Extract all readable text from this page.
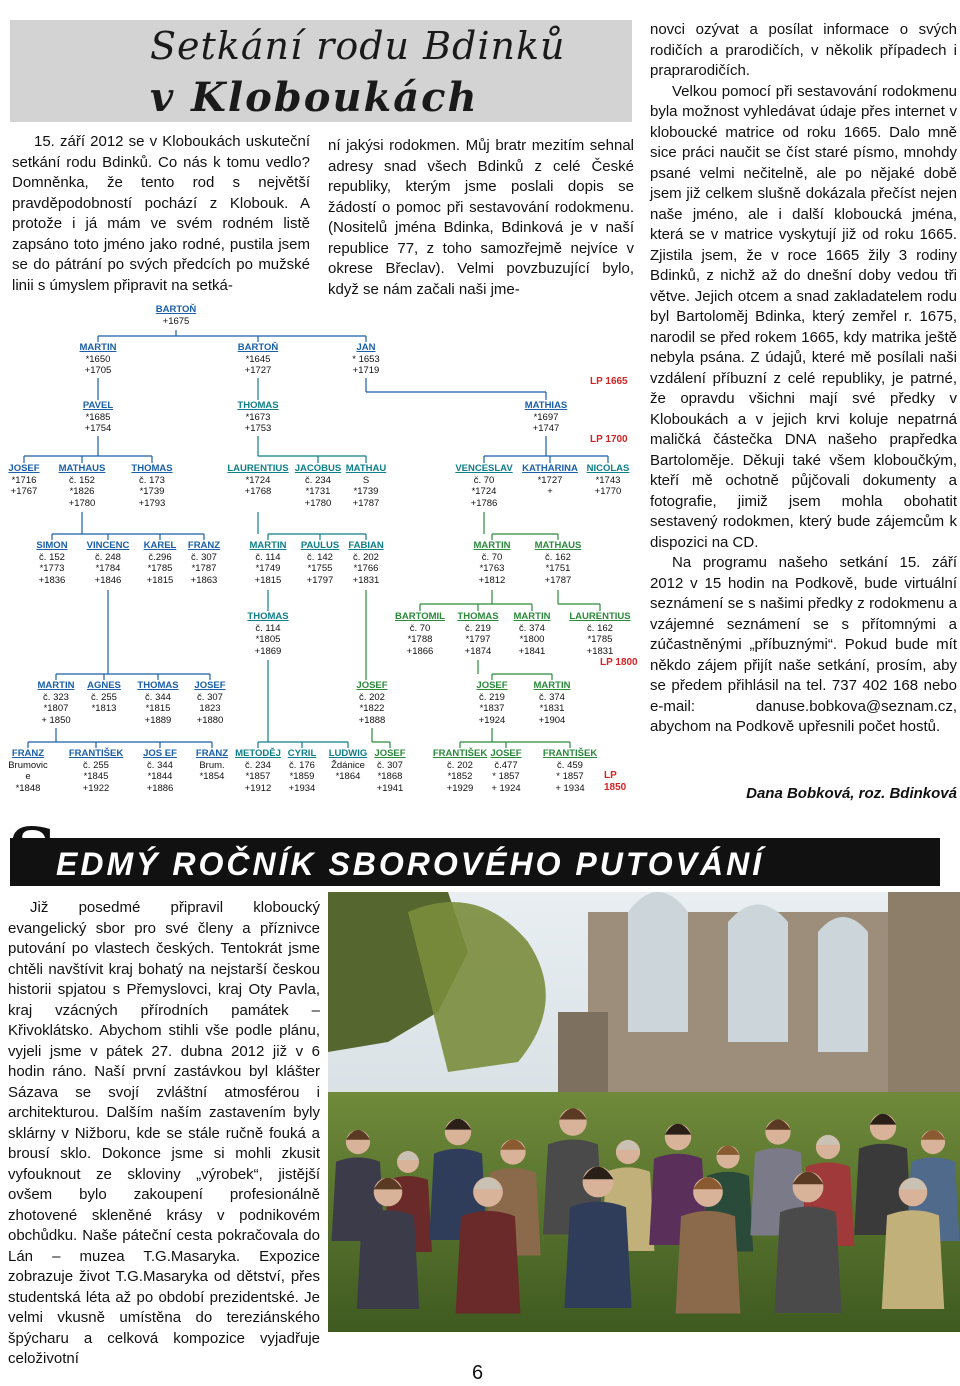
Setkání rodu Bdinků
v Kloboukách

15. září 2012 se v Kloboukách uskuteční setkání rodu Bdinků. Co nás k tomu vedlo? Domněnka, že tento rod s největší pravděpodobností pochází z Klobouk. A protože i já mám ve svém rodném listě zapsáno toto jméno jako rodné, pustila jsem se do pátrání po svých předcích po mužské linii s úmyslem připravit na setká-

ní jakýsi rodokmen. Můj bratr mezitím sehnal adresy snad všech Bdinků z celé České republiky, kterým jsme poslali dopis se žádostí o pomoc při sestavování rodokmenu. (Nositelů jména Bdinka, Bdinková je v naší republice 77, z toho samozřejmě nejvíce v okrese Břeclav). Velmi povzbuzující bylo, když se nám začali naši jme-

novci ozývat a posílat informace o svých rodičích a prarodičích, v několik případech i praprarodičích.

Velkou pomocí při sestavování rodokmenu byla možnost vyhledávat údaje přes internet v kloboucké matrice od roku 1665. Dalo mně sice práci naučit se číst staré písmo, mnohdy psané velmi nečitelně, ale po nějaké době jsem již celkem slušně dokázala přečíst nejen naše jméno, ale i další kloboucká jména, která se v matrice vyskytují již od roku 1665. Zjistila jsem, že v roce 1665 žily 3 rodiny Bdinků, z nichž až do dnešní doby vedou tři větve. Jejich otcem a snad zakladatelem rodu byl Bartoloměj Bdinka, který zemřel r. 1675, narodil se před rokem 1665, kdy matrika ještě nebyla psána. Z údajů, které mě posílali naši vzdálení příbuzní z celé republiky, je patrné, že opravdu všichni mají své předky v Kloboukách a v jejich krvi koluje nepatrná maličká částečka DNA našeho prapředka Bartoloměje. Děkuji také všem kloboučkým, kteří mě ochotně půjčovali dokumenty a fotografie, jimiž jsem mohla obohatit sestavený rodokmen, který bude zájemcům k dispozici na CD.

Na programu našeho setkání 15. září 2012 v 15 hodin na Podkově, bude virtuální seznámení se s našimi předky z rodokmenu a vzájemné seznámení se s přítomnými a zúčastněnými „příbuznými“. Pokud bude mít někdo zájem přijít naše setkání, prosím, aby se předem přihlásil na tel. 737 402 168 nebo e-mail: danuse.bobkova@seznam.cz, abychom na Podkově upřesnili počet hostů.

Dana Bobková, roz. Bdinková
BARTOŇ
+1675
MARTIN
*1650
+1705
BARTOŇ
*1645
+1727
JAN
* 1653
+1719
PAVEL
*1685
+1754
THOMAS
*1673
+1753
MATHIAS
*1697
+1747
JOSEF
*1716
+1767
MATHAUS
č. 152
*1826
+1780
THOMAS
č. 173
*1739
+1793
LAURENTIUS
*1724
+1768
JACOBUS
č. 234
*1731
+1780
MATHAU
S
*1739
+1787
VENCESLAV
č. 70
*1724
+1786
KATHARINA
*1727
+
NICOLAS
*1743
+1770
SIMON
č. 152
*1773
+1836
VINCENC
č. 248
*1784
+1846
KAREL
č.296
*1785
+1815
FRANZ
č. 307
*1787
+1863
MARTIN
č. 114
*1749
+1815
PAULUS
č. 142
*1755
+1797
FABIAN
č. 202
*1766
+1831
MARTIN
č. 70
*1763
+1812
MATHAUS
č. 162
*1751
+1787
THOMAS
č. 114
*1805
+1869
BARTOMIL
č. 70
*1788
+1866
THOMAS
č. 219
*1797
+1874
MARTIN
č. 374
*1800
+1841
LAURENTIUS
č. 162
*1785
+1831
MARTIN
č. 323
*1807
+ 1850
AGNES
č. 255
*1813
THOMAS
č. 344
*1815
+1889
JOSEF
č. 307
1823
+1880
JOSEF
č. 202
*1822
+1888
JOSEF
č. 219
*1837
+1924
MARTIN
č. 374
*1831
+1904
FRANZ
Brumovic
e
*1848
FRANTIŠEK
č. 255
*1845
+1922
JOS EF
č. 344
*1844
+1886
FRANZ
Brum.
*1854
METODĚJ
č. 234
*1857
+1912
CYRIL
č. 176
*1859
+1934
LUDWIG
Ždánice
*1864
JOSEF
č. 307
*1868
+1941
FRANTIŠEK
č. 202
*1852
+1929
JOSEF
č.477
* 1857
+ 1924
FRANTIŠEK
č. 459
* 1857
+ 1934
LP 1665
LP 1700
LP 1800
LP
1850
S
EDMÝ ROČNÍK SBOROVÉHO PUTOVÁNÍ

Již posedmé připravil kloboucký evangelický sbor pro své členy a příznivce putování po vlastech českých. Tentokrát jsme chtěli navštívit kraj bohatý na nejstarší českou historii spjatou s Přemyslovci, kraj Oty Pavla, kraj vzácných přírodních památek – Křivoklátsko. Abychom stihli vše podle plánu, vyjeli jsme v pátek 27. dubna 2012 již v 6 hodin ráno. Naší první zastávkou byl klášter Sázava se svojí zvláštní atmosférou i architekturou. Dalším naším zastavením byly sklárny v Nižboru, kde se stále ručně fouká a brousí sklo. Dokonce jsme si mohli zkusit vyfouknout ze skloviny „výrobek“, jistější ovšem bylo zakoupení profesionálně zhotovené skleněné krásy v podnikovém obchůdku. Naše páteční cesta pokračovala do Lán – muzea T.G.Masaryka. Expozice zobrazuje život T.G.Masaryka od dětství, přes studentská léta až po období prezidentské. Je velmi vkusně umístěna do tereziánského špýcharu a celková kompozice vyjadřuje celoživotní

6
